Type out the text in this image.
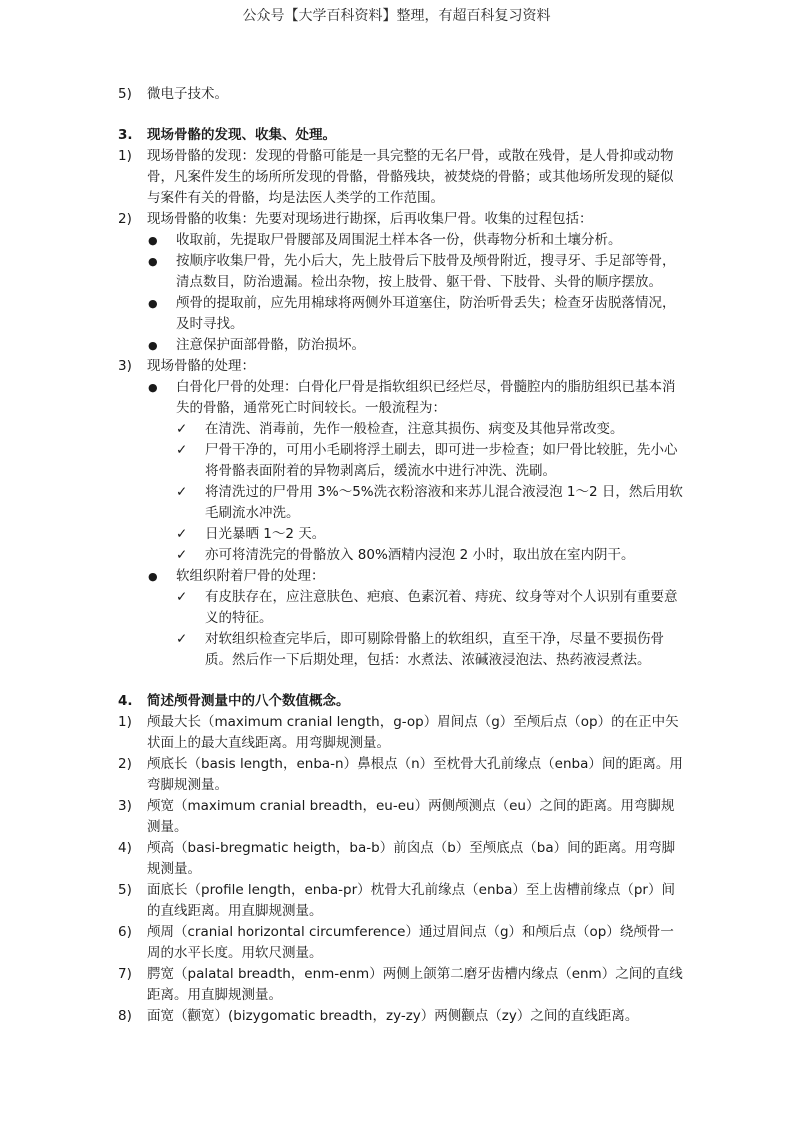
公众号【大学百科资料】整理，有超百科复习资料
5) 微电子技术。
3. 现场骨骼的发现、收集、处理。
1) 现场骨骼的发现：发现的骨骼可能是一具完整的无名尸骨，或散在残骨，是人骨抑或动物骨，凡案件发生的场所所发现的骨骼，骨骼残块，被焚烧的骨骼；或其他场所发现的疑似与案件有关的骨骼，均是法医人类学的工作范围。
2) 现场骨骼的收集：先要对现场进行勘探，后再收集尸骨。收集的过程包括：
● 收取前，先提取尸骨腰部及周围泥土样本各一份，供毒物分析和土壤分析。
● 按顺序收集尸骨，先小后大，先上肢骨后下肢骨及颅骨附近，搜寻牙、手足部等骨，清点数目，防治遗漏。检出杂物，按上肢骨、躯干骨、下肢骨、头骨的顺序摆放。
● 颅骨的提取前，应先用棉球将两侧外耳道塞住，防治听骨丢失；检查牙齿脱落情况，及时寻找。
● 注意保护面部骨骼，防治损坏。
3) 现场骨骼的处理：
● 白骨化尸骨的处理：白骨化尸骨是指软组织已经烂尽，骨髓腔内的脂肪组织已基本消失的骨骼，通常死亡时间较长。一般流程为：
✓ 在清洗、消毒前，先作一般检查，注意其损伤、病变及其他异常改变。
✓ 尸骨干净的，可用小毛刷将浮土刷去，即可进一步检查；如尸骨比较脏，先小心将骨骼表面附着的异物剥离后，缓流水中进行冲洗、洗刷。
✓ 将清洗过的尸骨用 3%～5%洗衣粉溶液和来苏儿混合液浸泡 1～2 日，然后用软毛刷流水冲洗。
✓ 日光暴晒 1～2 天。
✓ 亦可将清洗完的骨骼放入 80%酒精内浸泡 2 小时，取出放在室内阴干。
● 软组织附着尸骨的处理：
✓ 有皮肤存在，应注意肤色、疤痕、色素沉着、痔疣、纹身等对个人识别有重要意义的特征。
✓ 对软组织检查完毕后，即可剔除骨骼上的软组织，直至干净，尽量不要损伤骨质。然后作一下后期处理，包括：水煮法、浓碱液浸泡法、热药液浸煮法。
4. 简述颅骨测量中的八个数值概念。
1) 颅最大长（maximum cranial length，g-op）眉间点（g）至颅后点（op）的在正中矢状面上的最大直线距离。用弯脚规测量。
2) 颅底长（basis length，enba-n）鼻根点（n）至枕骨大孔前缘点（enba）间的距离。用弯脚规测量。
3) 颅宽（maximum cranial breadth，eu-eu）两侧颅测点（eu）之间的距离。用弯脚规测量。
4) 颅高（basi-bregmatic heigth，ba-b）前囟点（b）至颅底点（ba）间的距离。用弯脚规测量。
5) 面底长（profile length，enba-pr）枕骨大孔前缘点（enba）至上齿槽前缘点（pr）间的直线距离。用直脚规测量。
6) 颅周（cranial horizontal circumference）通过眉间点（g）和颅后点（op）绕颅骨一周的水平长度。用软尺测量。
7) 腭宽（palatal breadth，enm-enm）两侧上颌第二磨牙齿槽内缘点（enm）之间的直线距离。用直脚规测量。
8) 面宽（颧宽）(bizygomatic breadth，zy-zy）两侧颧点（zy）之间的直线距离。
